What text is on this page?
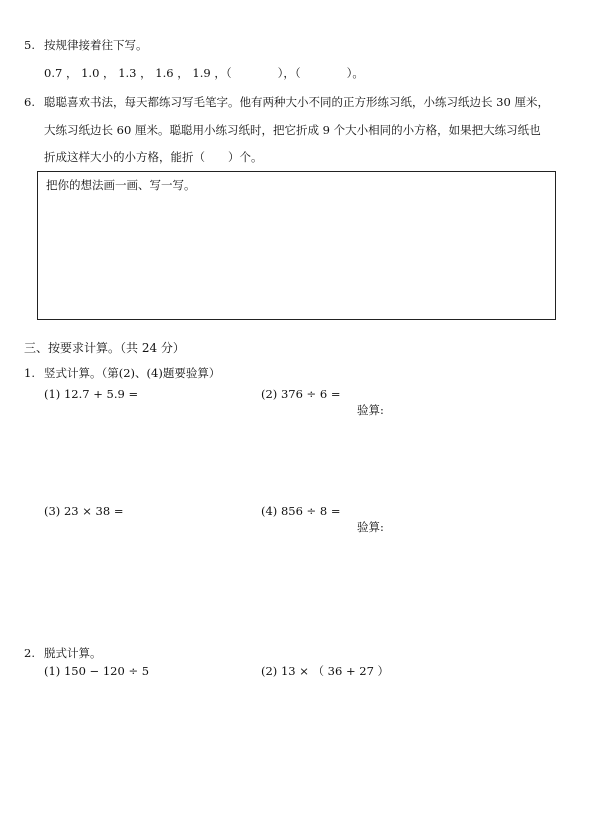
5. 按规律接着往下写。
0.7 ， 1.0 ， 1.3 ， 1.6 ， 1.9 ，（　　　　），（　　　　）。
6. 聪聪喜欢书法，每天都练习写毛笔字。他有两种大小不同的正方形练习纸，小练习纸边长 30 厘米，
大练习纸边长 60 厘米。聪聪用小练习纸时，把它折成 9 个大小相同的小方格，如果把大练习纸也
折成这样大小的小方格，能折（　　）个。
把你的想法画一画、写一写。
三、按要求计算。（共 24 分）
1. 竖式计算。（第(2)、(4)题要验算）
(1) 12.7 + 5.9 =	(2) 376 ÷ 6 =
验算:
(3) 23 × 38 =	(4) 856 ÷ 8 =
验算:
2. 脱式计算。
(1) 150 − 120 ÷ 5	(2) 13 × （ 36 + 27 ）
